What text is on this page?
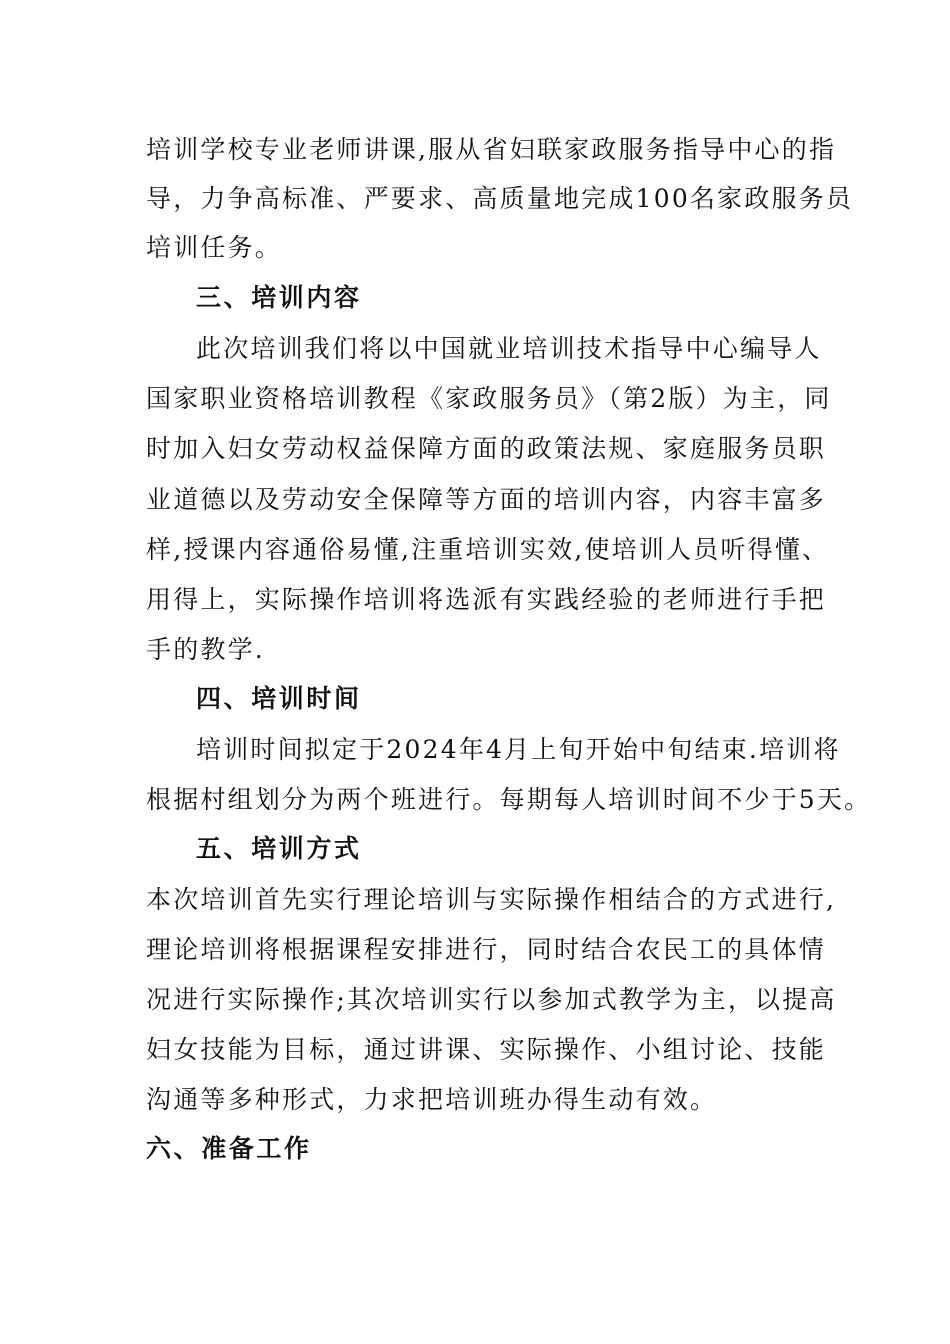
培训学校专业老师讲课,服从省妇联家政服务指导中心的指
导，力争高标准、严要求、高质量地完成100名家政服务员
培训任务。
三、培训内容
此次培训我们将以中国就业培训技术指导中心编导人
国家职业资格培训教程《家政服务员》（第2版）为主，同
时加入妇女劳动权益保障方面的政策法规、家庭服务员职
业道德以及劳动安全保障等方面的培训内容，内容丰富多
样,授课内容通俗易懂,注重培训实效,使培训人员听得懂、
用得上，实际操作培训将选派有实践经验的老师进行手把
手的教学.
四、培训时间
培训时间拟定于2024年4月上旬开始中旬结束.培训将
根据村组划分为两个班进行。每期每人培训时间不少于5天。
五、培训方式
本次培训首先实行理论培训与实际操作相结合的方式进行,
理论培训将根据课程安排进行，同时结合农民工的具体情
况进行实际操作;其次培训实行以参加式教学为主，以提高
妇女技能为目标，通过讲课、实际操作、小组讨论、技能
沟通等多种形式，力求把培训班办得生动有效。
六、准备工作
